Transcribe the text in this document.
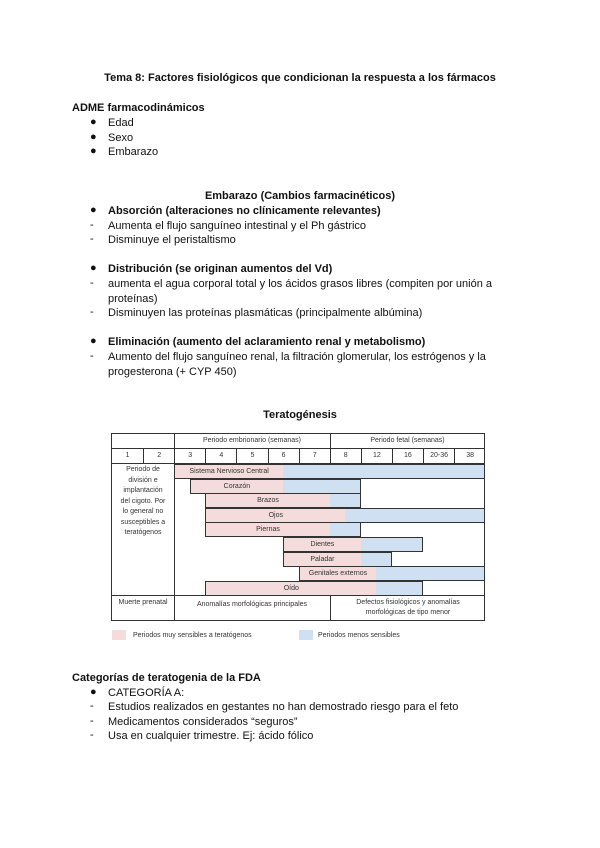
Tema 8: Factores fisiológicos que condicionan la respuesta a los fármacos
ADME farmacodinámicos
● Edad
● Sexo
● Embarazo
Embarazo (Cambios farmacinéticos)
● Absorción (alteraciones no clínicamente relevantes)
- Aumenta el flujo sanguíneo intestinal y el Ph gástrico
- Disminuye el peristaltismo
● Distribución (se originan aumentos del Vd)
- aumenta el agua corporal total y los ácidos grasos libres (compiten por unión a
proteínas)
- Disminuyen las proteínas plasmáticas (principalmente albúmina)
● Eliminación (aumento del aclaramiento renal y metabolismo)
- Aumento del flujo sanguíneo renal, la filtración glomerular, los estrógenos y la
progesterona (+ CYP 450)
Teratogénesis
Periodo embrionario (semanas)	Periodo fetal (semanas)
1	2	3	4	5	6	7	8	12	16	20-36	38
Periodo de
división e
implantación
del cigoto. Por
lo general no
susceptibles a
teratógenos
Sistema Nervioso Central
Corazón
Brazos
Ojos
Piernas
Dientes
Paladar
Genitales externos
Oído
Muerte prenatal	Anomalías morfológicas principales	Defectos fisiológicos y anomalías morfológicas de tipo menor
Periodos muy sensibles a teratógenos	Periodos menos sensibles
Categorías de teratogenia de la FDA
● CATEGORÍA A:
- Estudios realizados en gestantes no han demostrado riesgo para el feto
- Medicamentos considerados “seguros”
- Usa en cualquier trimestre. Ej: ácido fólico
